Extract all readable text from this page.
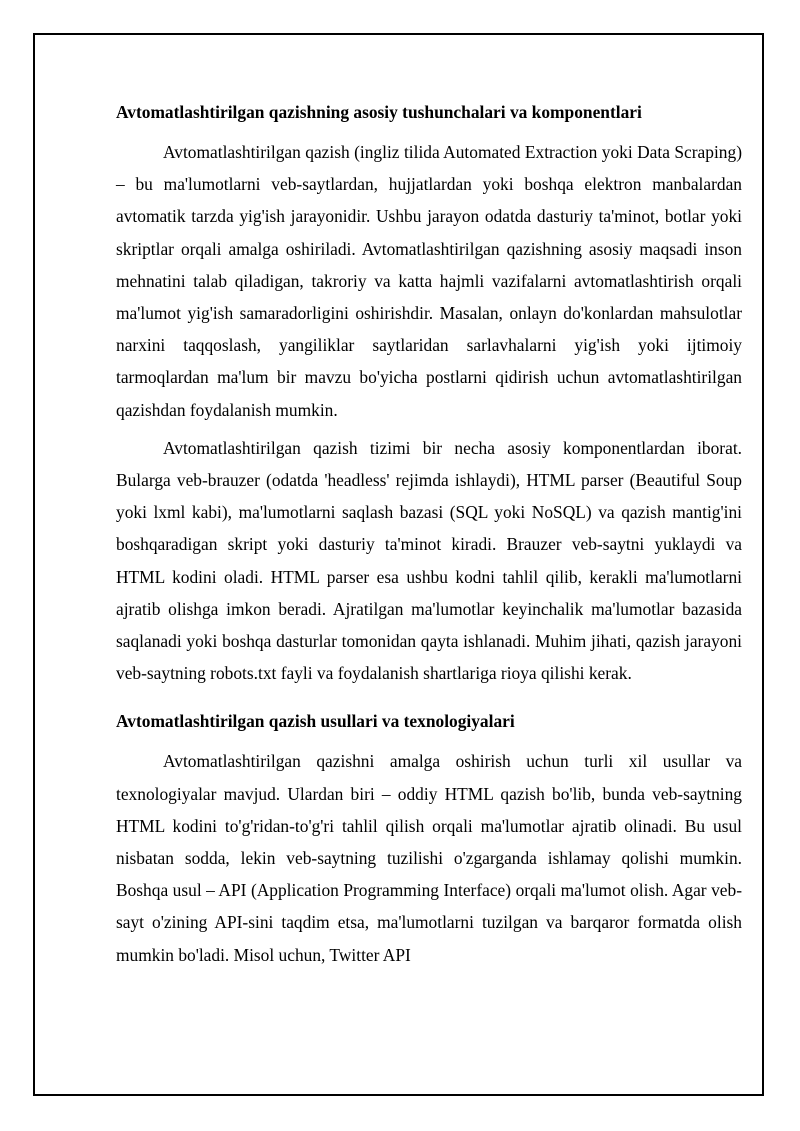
Avtomatlashtirilgan qazishning asosiy tushunchalari va komponentlari

Avtomatlashtirilgan qazish (ingliz tilida Automated Extraction yoki Data Scraping) – bu ma'lumotlarni veb-saytlardan, hujjatlardan yoki boshqa elektron manbalardan avtomatik tarzda yig'ish jarayonidir. Ushbu jarayon odatda dasturiy ta'minot, botlar yoki skriptlar orqali amalga oshiriladi. Avtomatlashtirilgan qazishning asosiy maqsadi inson mehnatini talab qiladigan, takroriy va katta hajmli vazifalarni avtomatlashtirish orqali ma'lumot yig'ish samaradorligini oshirishdir. Masalan, onlayn do'konlardan mahsulotlar narxini taqqoslash, yangiliklar saytlaridan sarlavhalarni yig'ish yoki ijtimoiy tarmoqlardan ma'lum bir mavzu bo'yicha postlarni qidirish uchun avtomatlashtirilgan qazishdan foydalanish mumkin.

Avtomatlashtirilgan qazish tizimi bir necha asosiy komponentlardan iborat. Bularga veb-brauzer (odatda 'headless' rejimda ishlaydi), HTML parser (Beautiful Soup yoki lxml kabi), ma'lumotlarni saqlash bazasi (SQL yoki NoSQL) va qazish mantig'ini boshqaradigan skript yoki dasturiy ta'minot kiradi. Brauzer veb-saytni yuklaydi va HTML kodini oladi. HTML parser esa ushbu kodni tahlil qilib, kerakli ma'lumotlarni ajratib olishga imkon beradi. Ajratilgan ma'lumotlar keyinchalik ma'lumotlar bazasida saqlanadi yoki boshqa dasturlar tomonidan qayta ishlanadi. Muhim jihati, qazish jarayoni veb-saytning robots.txt fayli va foydalanish shartlariga rioya qilishi kerak.

Avtomatlashtirilgan qazish usullari va texnologiyalari

Avtomatlashtirilgan qazishni amalga oshirish uchun turli xil usullar va texnologiyalar mavjud. Ulardan biri – oddiy HTML qazish bo'lib, bunda veb-saytning HTML kodini to'g'ridan-to'g'ri tahlil qilish orqali ma'lumotlar ajratib olinadi. Bu usul nisbatan sodda, lekin veb-saytning tuzilishi o'zgarganda ishlamay qolishi mumkin. Boshqa usul – API (Application Programming Interface) orqali ma'lumot olish. Agar veb-sayt o'zining API-sini taqdim etsa, ma'lumotlarni tuzilgan va barqaror formatda olish mumkin bo'ladi. Misol uchun, Twitter API
